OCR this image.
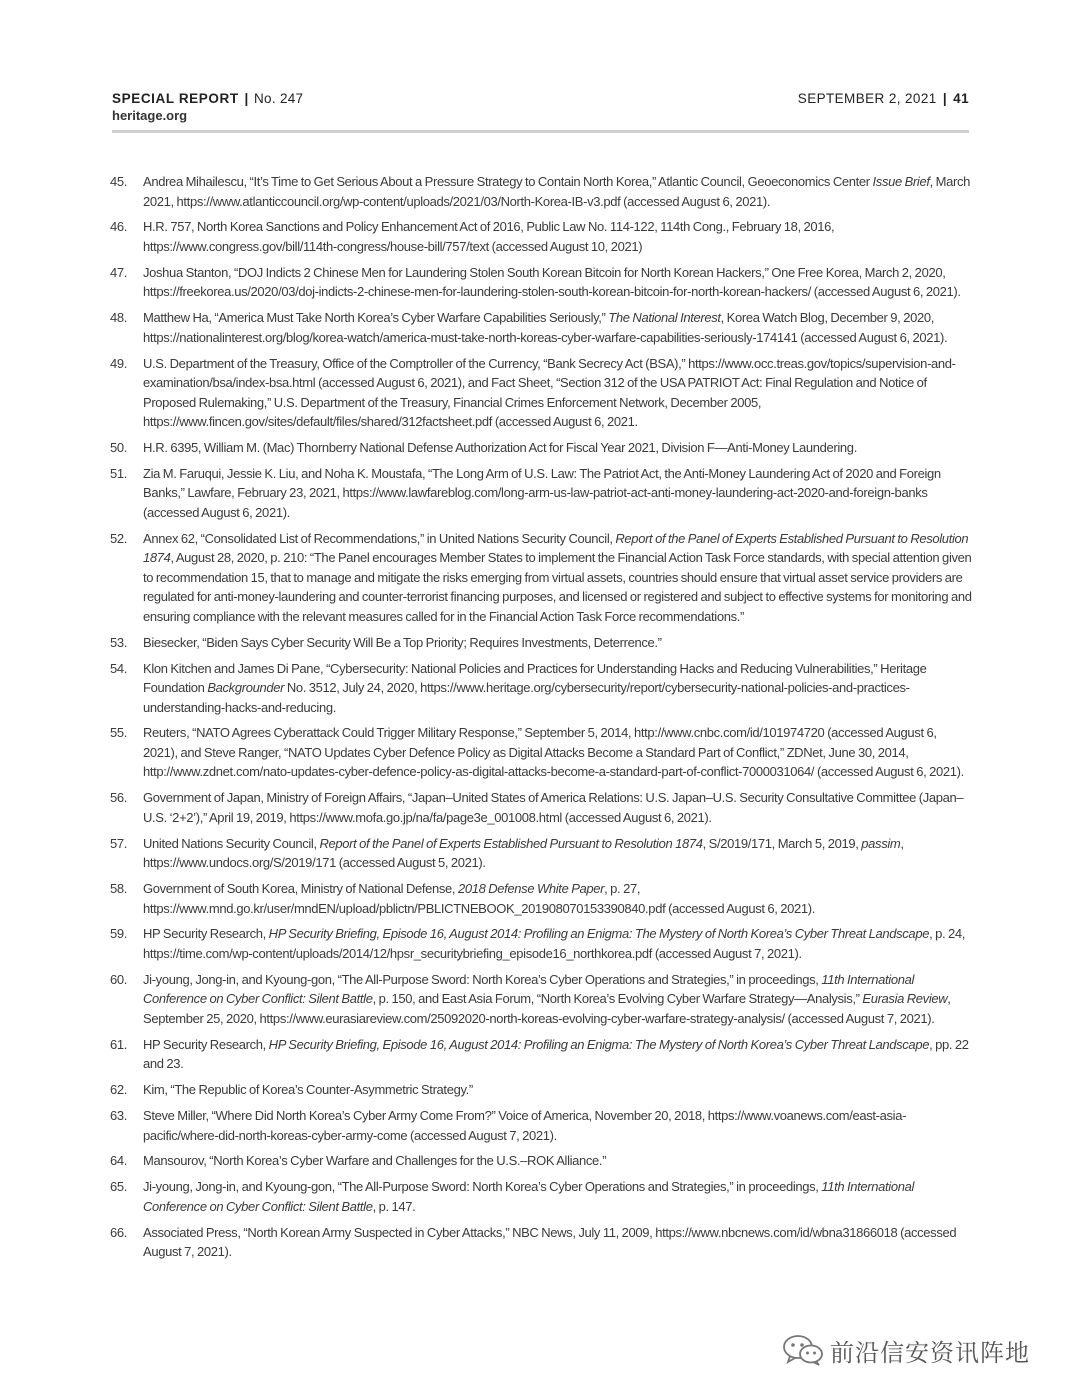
SPECIAL REPORT | No. 247
heritage.org
SEPTEMBER 2, 2021 | 41
45. Andrea Mihailescu, “It’s Time to Get Serious About a Pressure Strategy to Contain North Korea,” Atlantic Council, Geoeconomics Center Issue Brief, March 2021, https://www.atlanticcouncil.org/wp-content/uploads/2021/03/North-Korea-IB-v3.pdf (accessed August 6, 2021).
46. H.R. 757, North Korea Sanctions and Policy Enhancement Act of 2016, Public Law No. 114-122, 114th Cong., February 18, 2016, https://www.congress.gov/bill/114th-congress/house-bill/757/text (accessed August 10, 2021)
47. Joshua Stanton, “DOJ Indicts 2 Chinese Men for Laundering Stolen South Korean Bitcoin for North Korean Hackers,” One Free Korea, March 2, 2020, https://freekorea.us/2020/03/doj-indicts-2-chinese-men-for-laundering-stolen-south-korean-bitcoin-for-north-korean-hackers/ (accessed August 6, 2021).
48. Matthew Ha, “America Must Take North Korea’s Cyber Warfare Capabilities Seriously,” The National Interest, Korea Watch Blog, December 9, 2020, https://nationalinterest.org/blog/korea-watch/america-must-take-north-koreas-cyber-warfare-capabilities-seriously-174141 (accessed August 6, 2021).
49. U.S. Department of the Treasury, Office of the Comptroller of the Currency, “Bank Secrecy Act (BSA),” https://www.occ.treas.gov/topics/supervision-and-examination/bsa/index-bsa.html (accessed August 6, 2021), and Fact Sheet, “Section 312 of the USA PATRIOT Act: Final Regulation and Notice of Proposed Rulemaking,” U.S. Department of the Treasury, Financial Crimes Enforcement Network, December 2005, https://www.fincen.gov/sites/default/files/shared/312factsheet.pdf (accessed August 6, 2021.
50. H.R. 6395, William M. (Mac) Thornberry National Defense Authorization Act for Fiscal Year 2021, Division F—Anti-Money Laundering.
51. Zia M. Faruqui, Jessie K. Liu, and Noha K. Moustafa, “The Long Arm of U.S. Law: The Patriot Act, the Anti-Money Laundering Act of 2020 and Foreign Banks,” Lawfare, February 23, 2021, https://www.lawfareblog.com/long-arm-us-law-patriot-act-anti-money-laundering-act-2020-and-foreign-banks (accessed August 6, 2021).
52. Annex 62, “Consolidated List of Recommendations,” in United Nations Security Council, Report of the Panel of Experts Established Pursuant to Resolution 1874, August 28, 2020, p. 210: “The Panel encourages Member States to implement the Financial Action Task Force standards, with special attention given to recommendation 15, that to manage and mitigate the risks emerging from virtual assets, countries should ensure that virtual asset service providers are regulated for anti-money-laundering and counter-terrorist financing purposes, and licensed or registered and subject to effective systems for monitoring and ensuring compliance with the relevant measures called for in the Financial Action Task Force recommendations.”
53. Biesecker, “Biden Says Cyber Security Will Be a Top Priority; Requires Investments, Deterrence.”
54. Klon Kitchen and James Di Pane, “Cybersecurity: National Policies and Practices for Understanding Hacks and Reducing Vulnerabilities,” Heritage Foundation Backgrounder No. 3512, July 24, 2020, https://www.heritage.org/cybersecurity/report/cybersecurity-national-policies-and-practices-understanding-hacks-and-reducing.
55. Reuters, “NATO Agrees Cyberattack Could Trigger Military Response,” September 5, 2014, http://www.cnbc.com/id/101974720 (accessed August 6, 2021), and Steve Ranger, “NATO Updates Cyber Defence Policy as Digital Attacks Become a Standard Part of Conflict,” ZDNet, June 30, 2014, http://www.zdnet.com/nato-updates-cyber-defence-policy-as-digital-attacks-become-a-standard-part-of-conflict-7000031064/ (accessed August 6, 2021).
56. Government of Japan, Ministry of Foreign Affairs, “Japan–United States of America Relations: U.S. Japan–U.S. Security Consultative Committee (Japan–U.S. ‘2+2’),” April 19, 2019, https://www.mofa.go.jp/na/fa/page3e_001008.html (accessed August 6, 2021).
57. United Nations Security Council, Report of the Panel of Experts Established Pursuant to Resolution 1874, S/2019/171, March 5, 2019, passim, https://www.undocs.org/S/2019/171 (accessed August 5, 2021).
58. Government of South Korea, Ministry of National Defense, 2018 Defense White Paper, p. 27, https://www.mnd.go.kr/user/mndEN/upload/pblictn/PBLICTNEBOOK_201908070153390840.pdf (accessed August 6, 2021).
59. HP Security Research, HP Security Briefing, Episode 16, August 2014: Profiling an Enigma: The Mystery of North Korea’s Cyber Threat Landscape, p. 24, https://time.com/wp-content/uploads/2014/12/hpsr_securitybriefing_episode16_northkorea.pdf (accessed August 7, 2021).
60. Ji-young, Jong-in, and Kyoung-gon, “The All-Purpose Sword: North Korea’s Cyber Operations and Strategies,” in proceedings, 11th International Conference on Cyber Conflict: Silent Battle, p. 150, and East Asia Forum, “North Korea’s Evolving Cyber Warfare Strategy—Analysis,” Eurasia Review, September 25, 2020, https://www.eurasiareview.com/25092020-north-koreas-evolving-cyber-warfare-strategy-analysis/ (accessed August 7, 2021).
61. HP Security Research, HP Security Briefing, Episode 16, August 2014: Profiling an Enigma: The Mystery of North Korea’s Cyber Threat Landscape, pp. 22 and 23.
62. Kim, “The Republic of Korea’s Counter-Asymmetric Strategy.”
63. Steve Miller, “Where Did North Korea’s Cyber Army Come From?” Voice of America, November 20, 2018, https://www.voanews.com/east-asia-pacific/where-did-north-koreas-cyber-army-come (accessed August 7, 2021).
64. Mansourov, “North Korea’s Cyber Warfare and Challenges for the U.S.–ROK Alliance.”
65. Ji-young, Jong-in, and Kyoung-gon, “The All-Purpose Sword: North Korea’s Cyber Operations and Strategies,” in proceedings, 11th International Conference on Cyber Conflict: Silent Battle, p. 147.
66. Associated Press, “North Korean Army Suspected in Cyber Attacks,” NBC News, July 11, 2009, https://www.nbcnews.com/id/wbna31866018 (accessed August 7, 2021).
前沿信安资讯阵地
